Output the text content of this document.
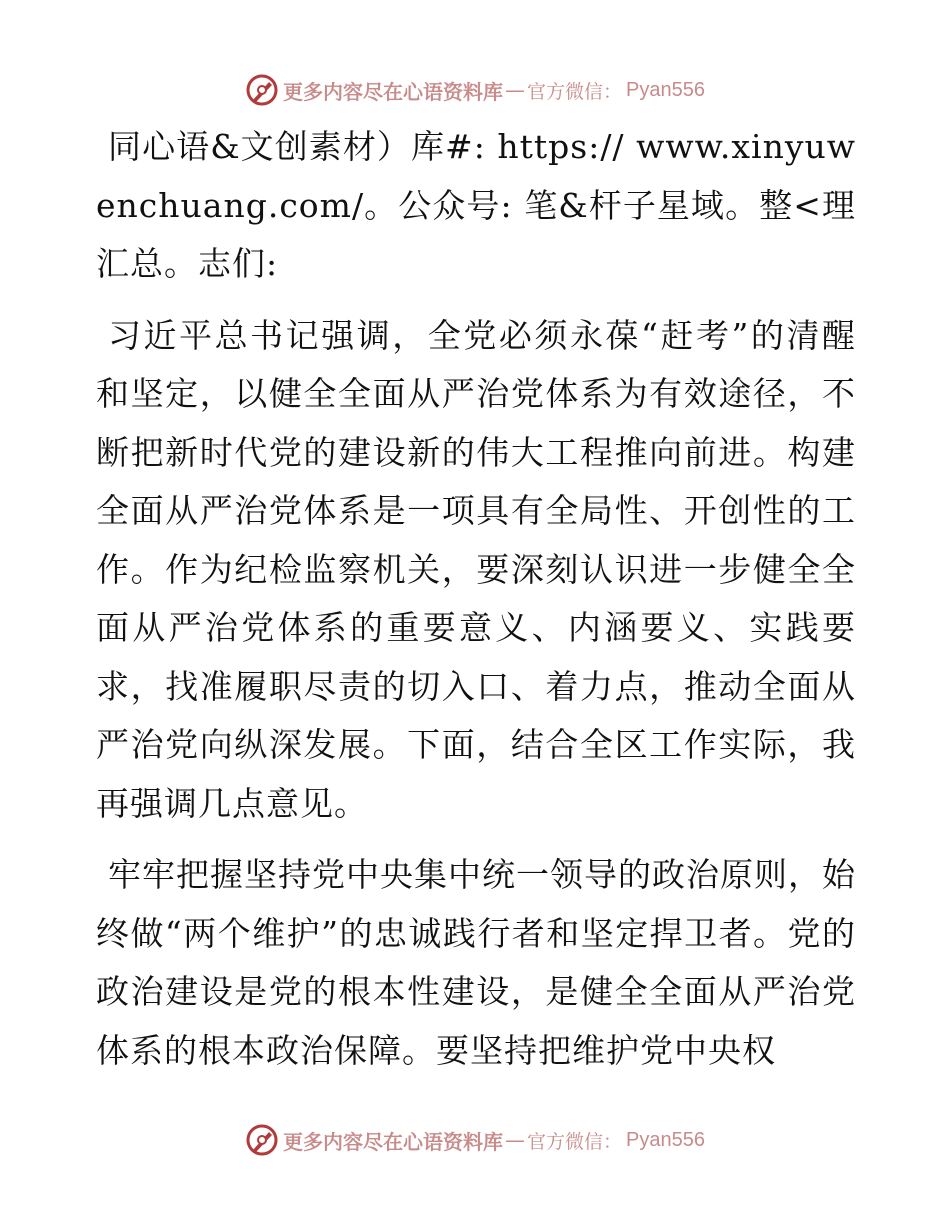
更多内容尽在心语资料库 — 官方微信： Pyan556

同心语&文创素材）库#: https:// www.xinyuwenchuang.com/。公众号: 笔&杆子星域。整<理汇总。志们:

习近平总书记强调，全党必须永葆“赶考”的清醒和坚定，以健全全面从严治党体系为有效途径，不断把新时代党的建设新的伟大工程推向前进。构建全面从严治党体系是一项具有全局性、开创性的工作。作为纪检监察机关，要深刻认识进一步健全全面从严治党体系的重要意义、内涵要义、实践要求，找准履职尽责的切入口、着力点，推动全面从严治党向纵深发展。下面，结合全区工作实际，我再强调几点意见。

牢牢把握坚持党中央集中统一领导的政治原则，始终做“两个维护”的忠诚践行者和坚定捍卫者。党的政治建设是党的根本性建设，是健全全面从严治党体系的根本政治保障。要坚持把维护党中央权

更多内容尽在心语资料库 — 官方微信： Pyan556
